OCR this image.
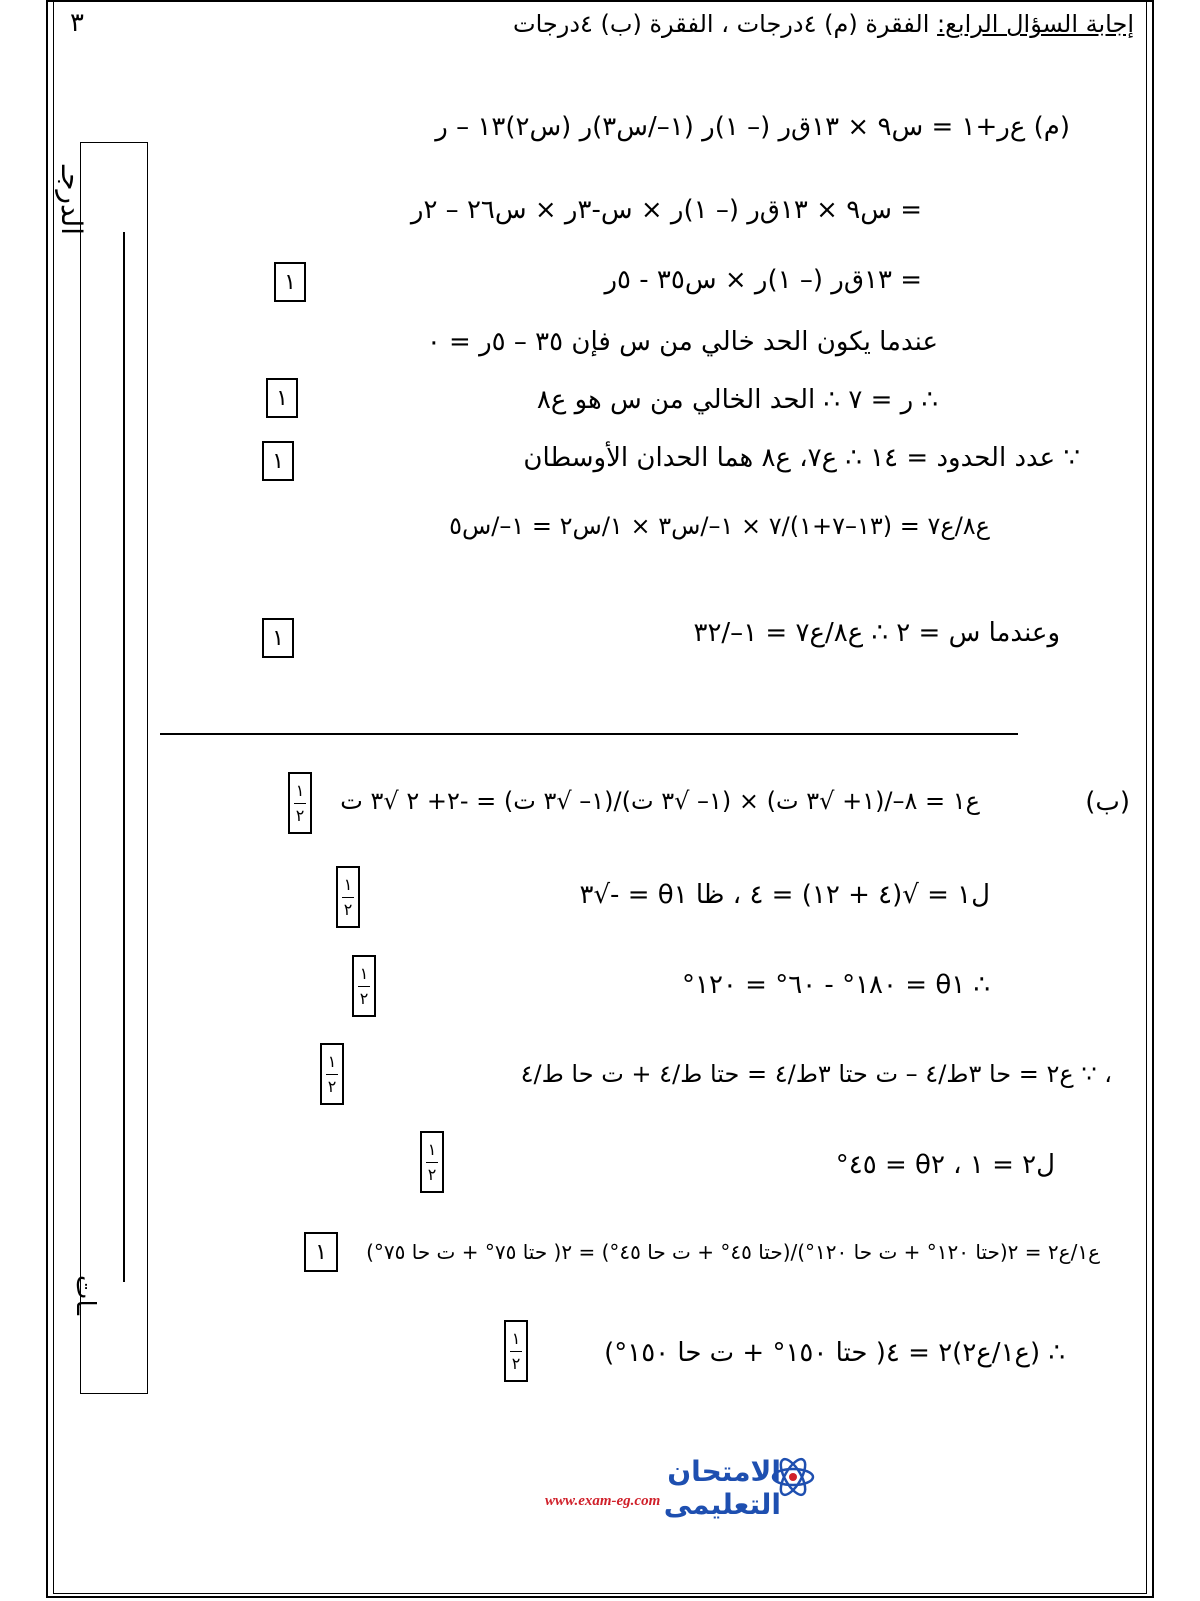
٣	إجابة السؤال الرابع: الفقرة (م) ٤درجات ، الفقرة (ب) ٤درجات
الدرجـ
ـات
(م) ع‌ر+١ = س٩ × ١٣ق‌ر (– ١)ر (١–/س٣)ر (س٢)١٣ – ر
= س٩ × ١٣ق‌ر (– ١)ر × س-٣ر × س٢٦ – ٢ر
= ١٣ق‌ر (– ١)ر × س٣٥ - ٥ر
عندما يكون الحد خالي من س فإن ٣٥ – ٥ر = ٠
∴ ر = ٧ ∴ الحد الخالي من س هو ع٨
∵ عدد الحدود = ١٤ ∴ ع٧، ع٨ هما الحدان الأوسطان
ع٨/ع٧ = (١٣–٧+١)/٧ × ١–/س٣ × ١/س٢ = ١–/س٥
وعندما س = ٢ ∴ ع٨/ع٧ = ١–/٣٢
١
١
١
١
(ب)
ع١ = ٨–/(١+ √٣ ت) × (١– √٣ ت)/(١– √٣ ت) = -٢+ ٢ √٣ ت
ل١ = √(٤ + ١٢) = ٤ ، ظا θ١ = -√٣
∴ θ١ = ١٨٠° - ٦٠° = ١٢٠°
، ∵ ع٢ = حا ٣ط/٤ – ت حتا ٣ط/٤ = حتا ط/٤ + ت حا ط/٤
ل٢ = ١ ، θ٢ = ٤٥°
ع١/ع٢ = ٢(حتا ١٢٠° + ت حا ١٢٠°)/(حتا ٤٥° + ت حا ٤٥°) = ٢( حتا ٧٥° + ت حا ٧٥°)
∴ (ع١/ع٢)٢ = ٤( حتا ١٥٠° + ت حا ١٥٠°)
١
٢
١
٢
١
٢
١
٢
١
٢
١
١
٢
الامتحان التعليمى
www.exam-eg.com
